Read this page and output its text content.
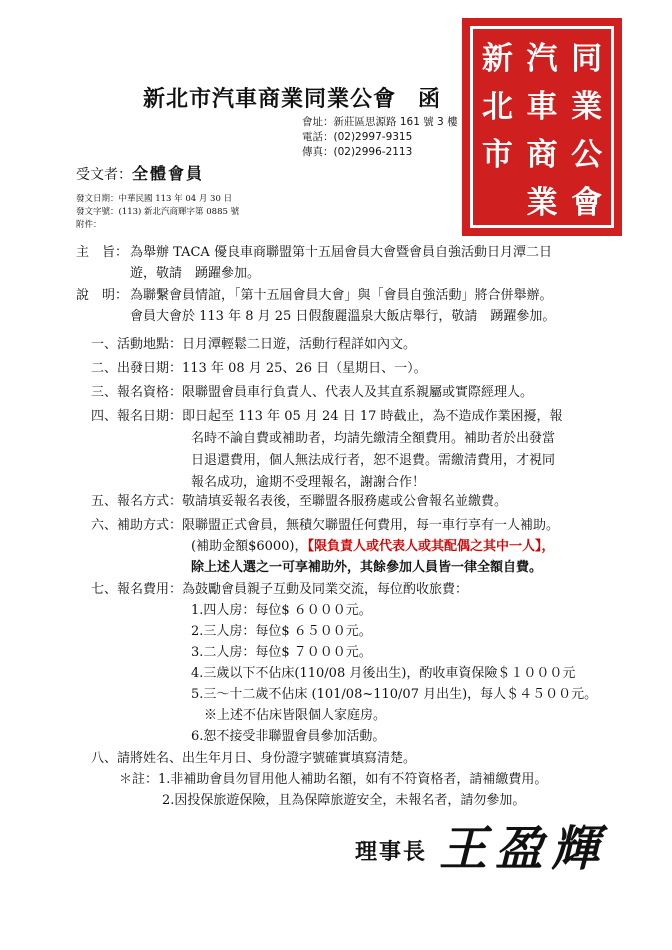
新北市汽車商業同業公會 函
會址：新莊區思源路 161 號 3 樓
電話：(02)2997-9315
傳真：(02)2996-2113
新 汽 同
北 車 業
市 商 公
業 會
受文者：全體會員
發文日期：中華民國 113 年 04 月 30 日
發文字號：(113) 新北汽商輝字第 0885 號
附件：
主　旨： 為舉辦 TACA 優良車商聯盟第十五屆會員大會暨會員自強活動日月潭二日
遊，敬請　踴躍參加。
說　明： 為聯繫會員情誼，「第十五屆會員大會」與「會員自強活動」將合併舉辦。
會員大會於 113 年 8 月 25 日假馥麗溫泉大飯店舉行，敬請　踴躍參加。
一、活動地點：日月潭輕鬆二日遊，活動行程詳如內文。
二、出發日期：113 年 08 月 25、26 日（星期日、一）。
三、報名資格：限聯盟會員車行負責人、代表人及其直系親屬或實際經理人。
四、報名日期：即日起至 113 年 05 月 24 日 17 時截止，為不造成作業困擾，報
名時不論自費或補助者，均請先繳清全額費用。補助者於出發當
日退還費用，個人無法成行者，恕不退費。需繳清費用，才視同
報名成功，逾期不受理報名，謝謝合作！
五、報名方式：敬請填妥報名表後，至聯盟各服務處或公會報名並繳費。
六、補助方式：限聯盟正式會員，無積欠聯盟任何費用，每一車行享有一人補助。
(補助金額$6000)，【限負責人或代表人或其配偶之其中一人】，
除上述人選之一可享補助外，其餘參加人員皆一律全額自費。
七、報名費用：為鼓勵會員親子互動及同業交流，每位酌收旅費：
1.四人房：每位$ ６０００元。
2.三人房：每位$ ６５００元。
3.二人房：每位$ ７０００元。
4.三歲以下不佔床(110/08 月後出生)，酌收車資保險＄１０００元
5.三～十二歲不佔床 (101/08~110/07 月出生)，每人＄４５００元。
※上述不佔床皆限個人家庭房。
6.恕不接受非聯盟會員參加活動。
八、請將姓名、出生年月日、身份證字號確實填寫清楚。
＊註：1.非補助會員勿冒用他人補助名額，如有不符資格者，請補繳費用。
2.因投保旅遊保險，且為保障旅遊安全，未報名者，請勿參加。
理事長 王盈輝
